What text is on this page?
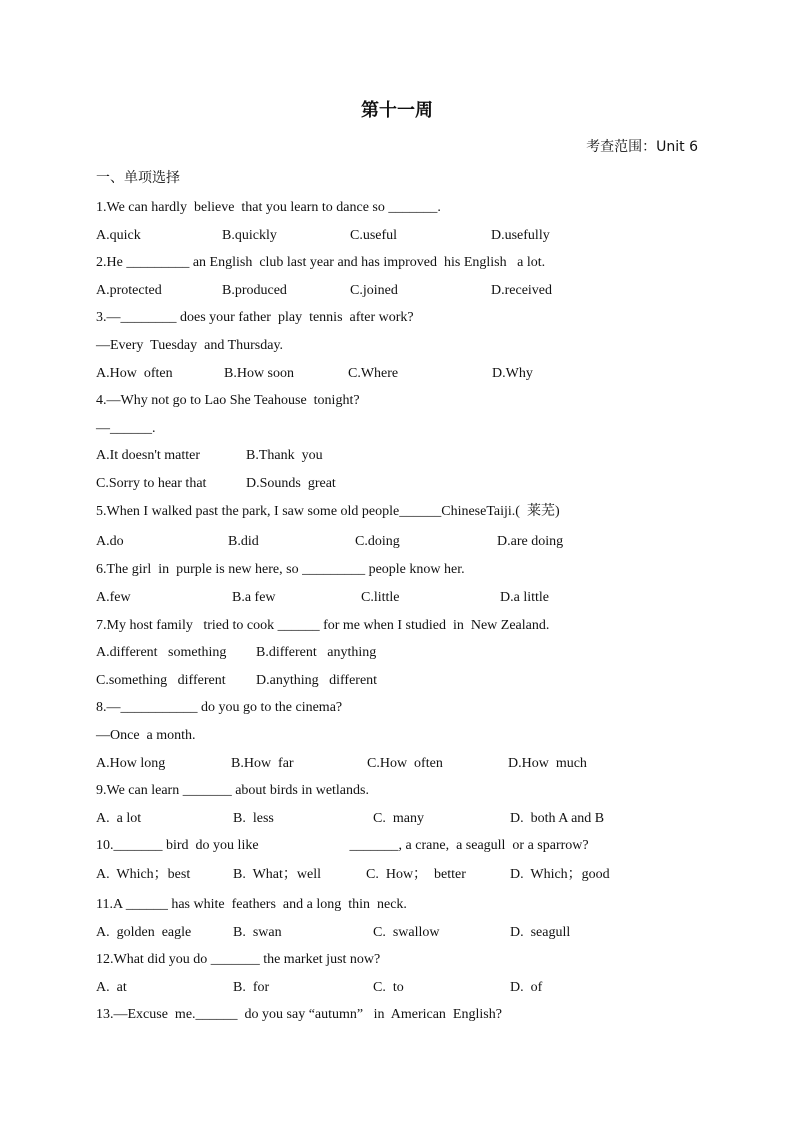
第十一周
考查范围：Unit 6
一、单项选择
1.We can hardly  believe  that you learn to dance so _______.
A.quick	B.quickly	C.useful	D.usefully
2.He _________ an English  club last year and has improved  his English   a lot.
A.protected	B.produced	C.joined	D.received
3.—________ does your father  play  tennis  after work?
—Every  Tuesday  and Thursday.
A.How  often	B.How soon	C.Where	D.Why
4.—Why not go to Lao She Teahouse  tonight?
—______.
A.It doesn't matter	B.Thank  you
C.Sorry to hear that	D.Sounds  great
5.When I walked past the park, I saw some old people______ChineseTaiji.(  莱芜)
A.do	B.did	C.doing	D.are doing
6.The girl  in  purple is new here, so _________ people know her.
A.few	B.a few	C.little	D.a little
7.My host family   tried to cook ______ for me when I studied  in  New Zealand.
A.different   something B.different   anything
C.something   different D.anything   different
8.—___________ do you go to the cinema?
—Once  a month.
A.How long	B.How  far	C.How  often	D.How  much
9.We can learn _______ about birds in wetlands.
A.  a lot	B.  less	C.  many	D.  both A and B
10._______ bird  do you like                          _______, a crane,  a seagull  or a sparrow?
A.  Which；best	B.  What；well	C.  How；  better	D.  Which；good
11.A ______ has white  feathers  and a long  thin  neck.
A.  golden  eagle	B.  swan	C.  swallow	D.  seagull
12.What did you do _______ the market just now?
A.  at	B.  for	C.  to	D.  of
13.—Excuse  me.______  do you say “autumn”   in  American  English?
